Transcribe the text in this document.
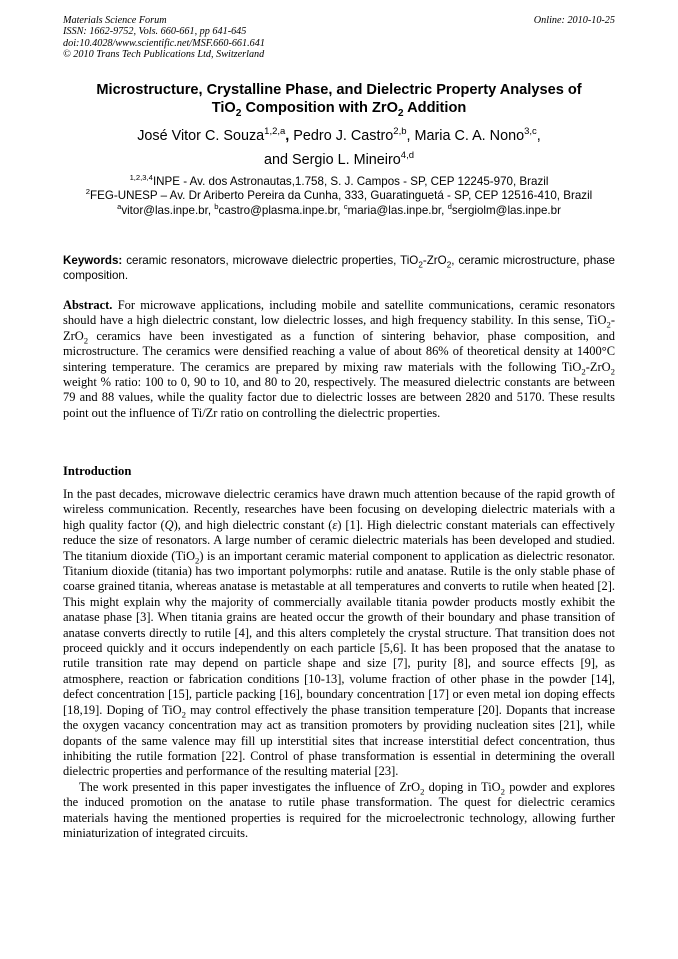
Materials Science Forum
ISSN: 1662-9752, Vols. 660-661, pp 641-645
doi:10.4028/www.scientific.net/MSF.660-661.641
© 2010 Trans Tech Publications Ltd, Switzerland
Online: 2010-10-25
Microstructure, Crystalline Phase, and Dielectric Property Analyses of
TiO$_2$ Composition with ZrO$_2$ Addition
José Vitor C. Souza$^{1,2,a}$, Pedro J. Castro$^{2,b}$, Maria C. A. Nono$^{3,c}$,
and Sergio L. Mineiro$^{4,d}$
$^{1,2,3,4}$INPE - Av. dos Astronautas,1.758, S. J. Campos - SP, CEP 12245-970, Brazil
$^2$FEG-UNESP – Av. Dr Ariberto Pereira da Cunha, 333, Guaratinguetá - SP, CEP 12516-410, Brazil
$^a$vitor@las.inpe.br, $^b$castro@plasma.inpe.br, $^c$maria@las.inpe.br, $^d$sergiolm@las.inpe.br
Keywords: ceramic resonators, microwave dielectric properties, TiO$_2$-ZrO$_2$, ceramic microstructure, phase composition.
Abstract. For microwave applications, including mobile and satellite communications, ceramic resonators should have a high dielectric constant, low dielectric losses, and high frequency stability. In this sense, TiO$_2$-ZrO$_2$ ceramics have been investigated as a function of sintering behavior, phase composition, and microstructure. The ceramics were densified reaching a value of about 86% of theoretical density at 1400°C sintering temperature. The ceramics are prepared by mixing raw materials with the following TiO$_2$-ZrO$_2$ weight % ratio: 100 to 0, 90 to 10, and 80 to 20, respectively. The measured dielectric constants are between 79 and 88 values, while the quality factor due to dielectric losses are between 2820 and 5170. These results point out the influence of Ti/Zr ratio on controlling the dielectric properties.
Introduction

In the past decades, microwave dielectric ceramics have drawn much attention because of the rapid growth of wireless communication. Recently, researches have been focusing on developing dielectric materials with a high quality factor (Q), and high dielectric constant (ε) [1]. High dielectric constant materials can effectively reduce the size of resonators. A large number of ceramic dielectric materials has been developed and studied. The titanium dioxide (TiO$_2$) is an important ceramic material component to application as dielectric resonator. Titanium dioxide (titania) has two important polymorphs: rutile and anatase. Rutile is the only stable phase of coarse grained titania, whereas anatase is metastable at all temperatures and converts to rutile when heated [2]. This might explain why the majority of commercially available titania powder products mostly exhibit the anatase phase [3]. When titania grains are heated occur the growth of their boundary and phase transition of anatase converts directly to rutile [4], and this alters completely the crystal structure. That transition does not proceed quickly and it occurs independently on each particle [5,6]. It has been proposed that the anatase to rutile transition rate may depend on particle shape and size [7], purity [8], and source effects [9], as atmosphere, reaction or fabrication conditions [10-13], volume fraction of other phase in the powder [14], defect concentration [15], particle packing [16], boundary concentration [17] or even metal ion doping effects [18,19]. Doping of TiO$_2$ may control effectively the phase transition temperature [20]. Dopants that increase the oxygen vacancy concentration may act as transition promoters by providing nucleation sites [21], while dopants of the same valence may fill up interstitial sites that increase interstitial defect concentration, thus inhibiting the rutile formation [22]. Control of phase transformation is essential in determining the overall dielectric properties and performance of the resulting material [23].

The work presented in this paper investigates the influence of ZrO$_2$ doping in TiO$_2$ powder and explores the induced promotion on the anatase to rutile phase transformation. The quest for dielectric ceramics materials having the mentioned properties is required for the microelectronic technology, allowing further miniaturization of integrated circuits.
